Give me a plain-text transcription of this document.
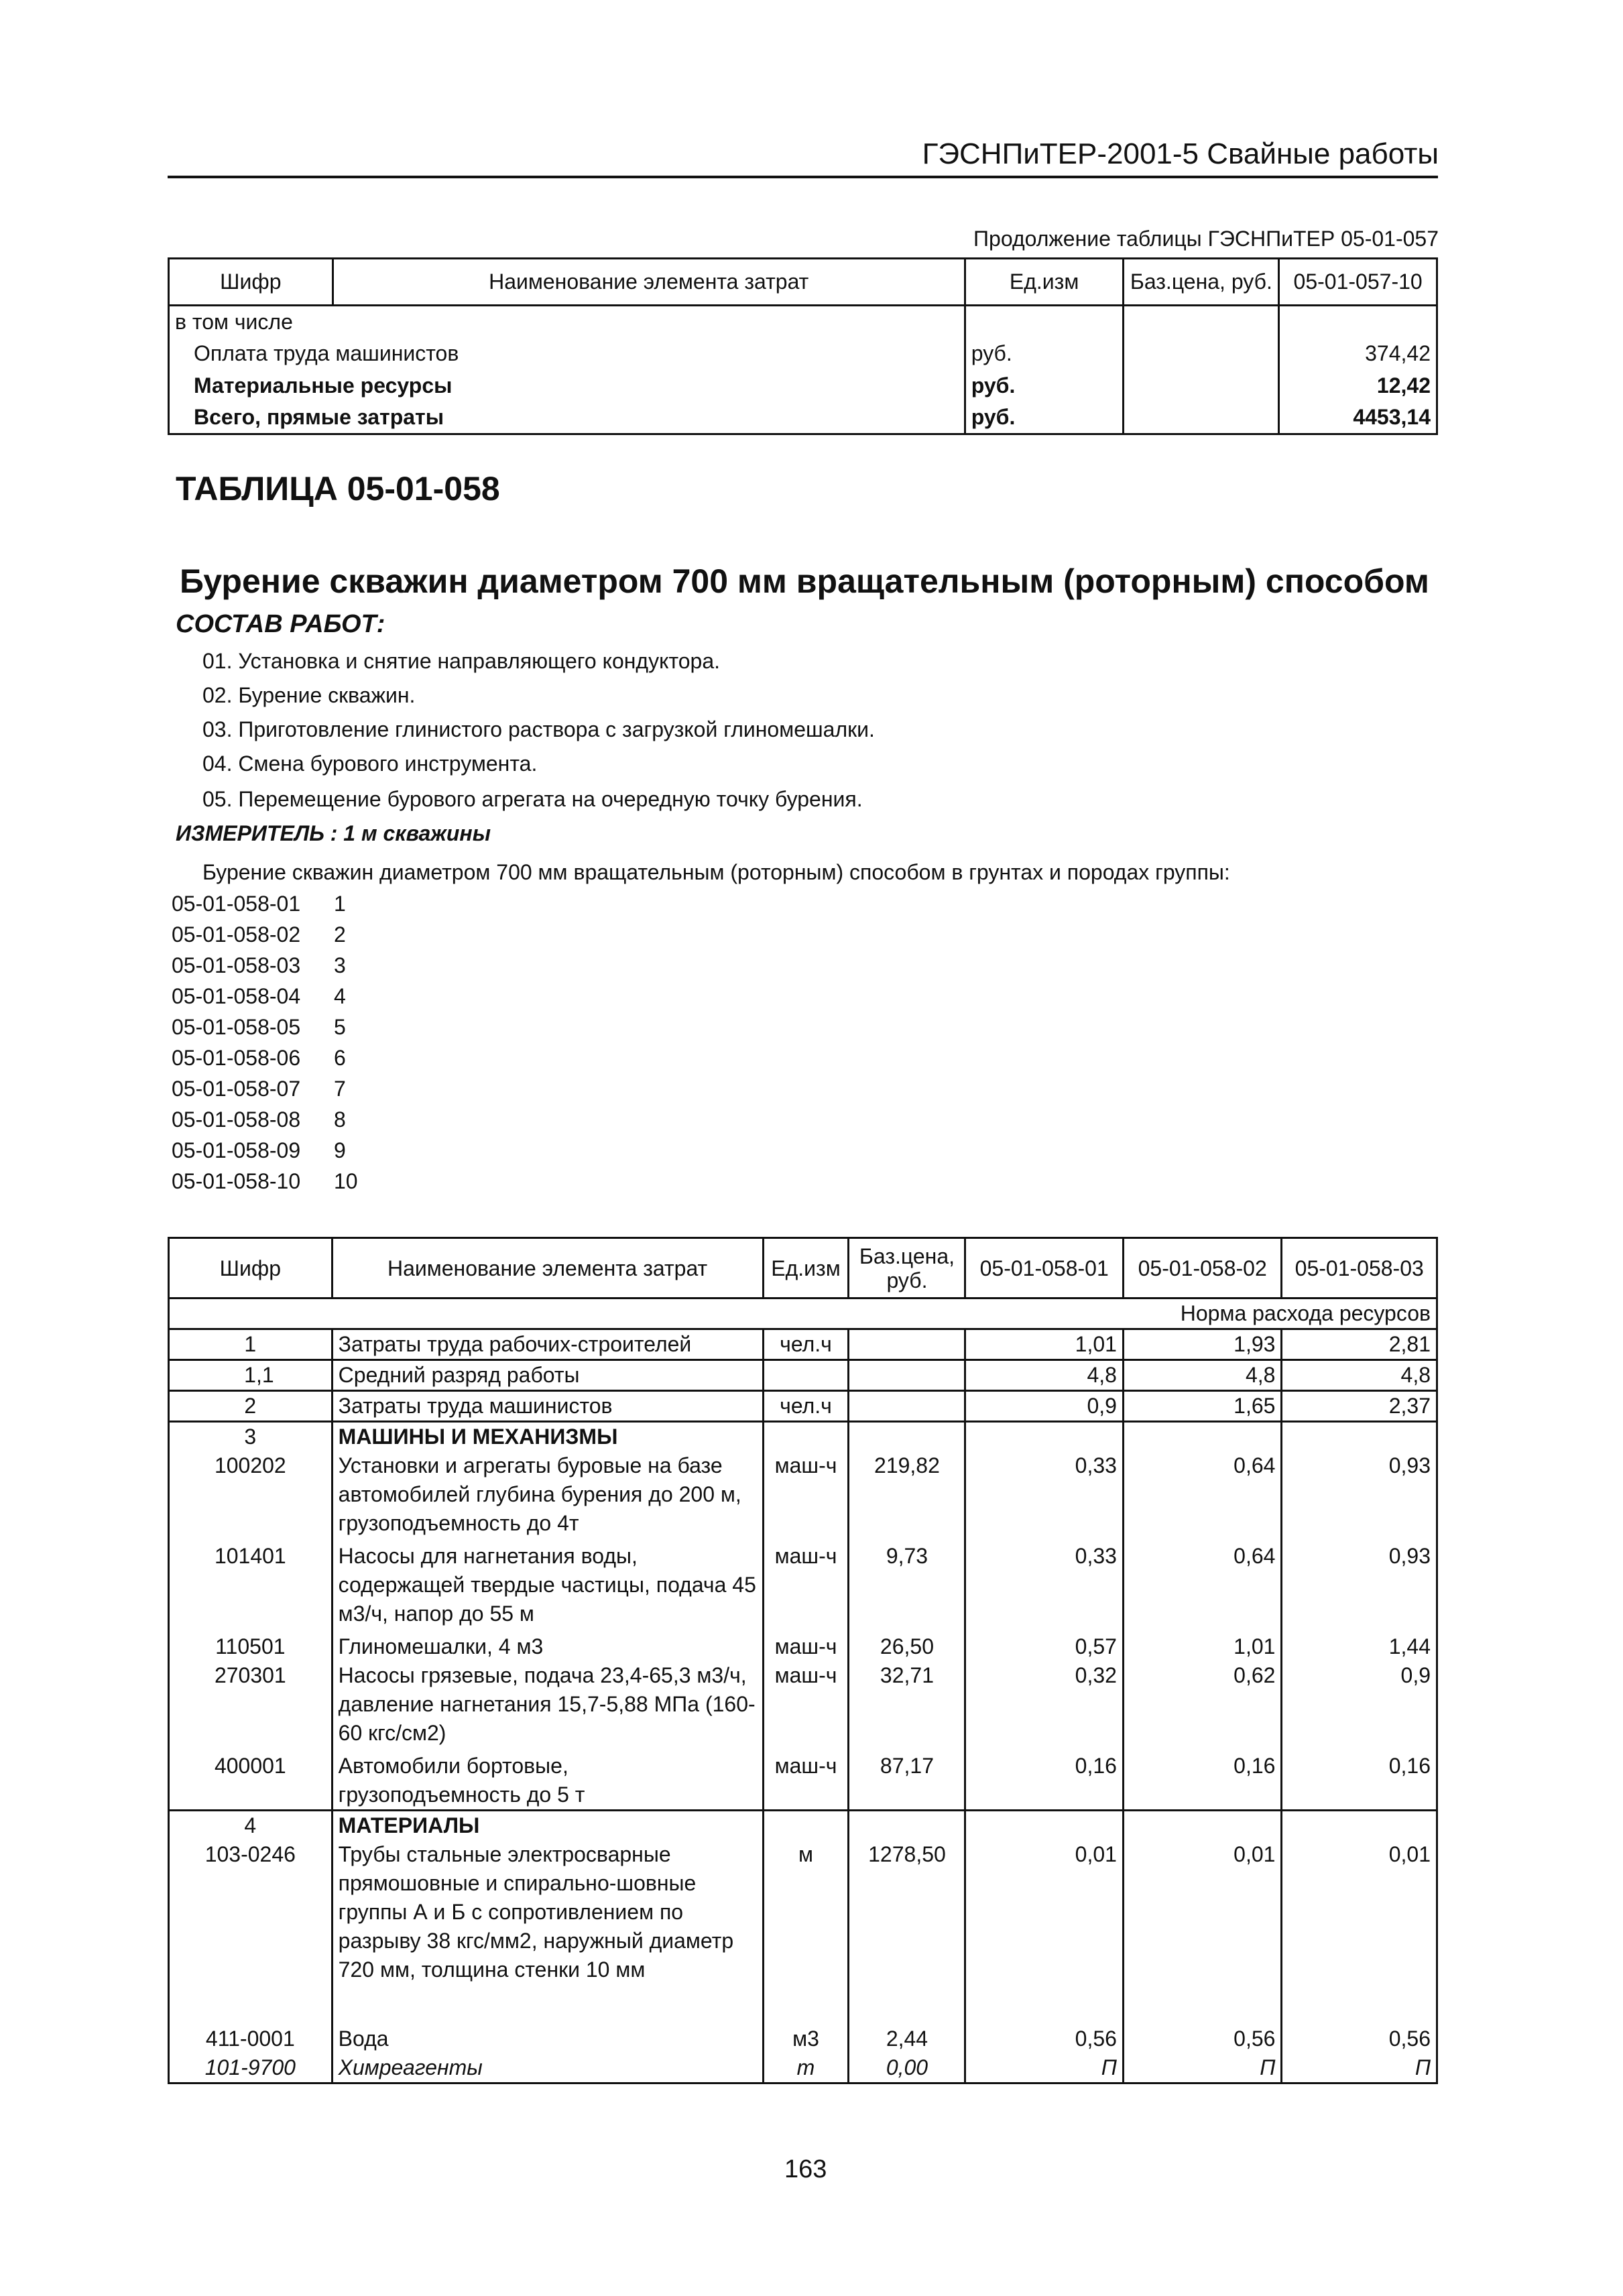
ГЭСНПиТЕР-2001-5 Свайные работы
Продолжение таблицы ГЭСНПиТЕР 05-01-057
Шифр	Наименование элемента затрат	Ед.изм	Баз.цена, руб.	05-01-057-10
в том числе				
Оплата труда машинистов		руб.		374,42
Материальные ресурсы		руб.		12,42
Всего, прямые затраты		руб.		4453,14
ТАБЛИЦА 05-01-058
Бурение скважин диаметром 700 мм вращательным (роторным) способом
СОСТАВ РАБОТ:
01. Установка и снятие направляющего кондуктора.
02. Бурение скважин.
03. Приготовление глинистого раствора с загрузкой глиномешалки.
04. Смена бурового инструмента.
05. Перемещение бурового агрегата на очередную точку бурения.
ИЗМЕРИТЕЛЬ : 1 м скважины
Бурение скважин диаметром 700 мм вращательным (роторным) способом в грунтах и породах группы:
05-01-058-01 1
05-01-058-02 2
05-01-058-03 3
05-01-058-04 4
05-01-058-05 5
05-01-058-06 6
05-01-058-07 7
05-01-058-08 8
05-01-058-09 9
05-01-058-10 10
Шифр	Наименование элемента затрат	Ед.изм	Баз.цена, руб.	05-01-058-01	05-01-058-02	05-01-058-03
Норма расхода ресурсов						
1	Затраты труда рабочих-строителей	чел.ч		1,01	1,93	2,81
1,1	Средний разряд работы			4,8	4,8	4,8
2	Затраты труда машинистов	чел.ч		0,9	1,65	2,37
3	МАШИНЫ И МЕХАНИЗМЫ					
100202	Установки и агрегаты буровые на базе автомобилей глубина бурения до 200 м, грузоподъемность до 4т	маш-ч	219,82	0,33	0,64	0,93
101401	Насосы для нагнетания воды, содержащей твердые частицы, подача 45 м3/ч, напор до 55 м	маш-ч	9,73	0,33	0,64	0,93
110501	Глиномешалки, 4 м3	маш-ч	26,50	0,57	1,01	1,44
270301	Насосы грязевые, подача 23,4-65,3 м3/ч, давление нагнетания 15,7-5,88 МПа (160-60 кгс/см2)	маш-ч	32,71	0,32	0,62	0,9
400001	Автомобили бортовые, грузоподъемность до 5 т	маш-ч	87,17	0,16	0,16	0,16
4	МАТЕРИАЛЫ					
103-0246	Трубы стальные электросварные прямошовные и спирально-шовные группы А и Б с сопротивлением по разрыву 38 кгс/мм2, наружный диаметр 720 мм, толщина стенки 10 мм	м	1278,50	0,01	0,01	0,01

411-0001	Вода	м3	2,44	0,56	0,56	0,56
101-9700	Химреагенты	т	0,00	П	П	П
163
